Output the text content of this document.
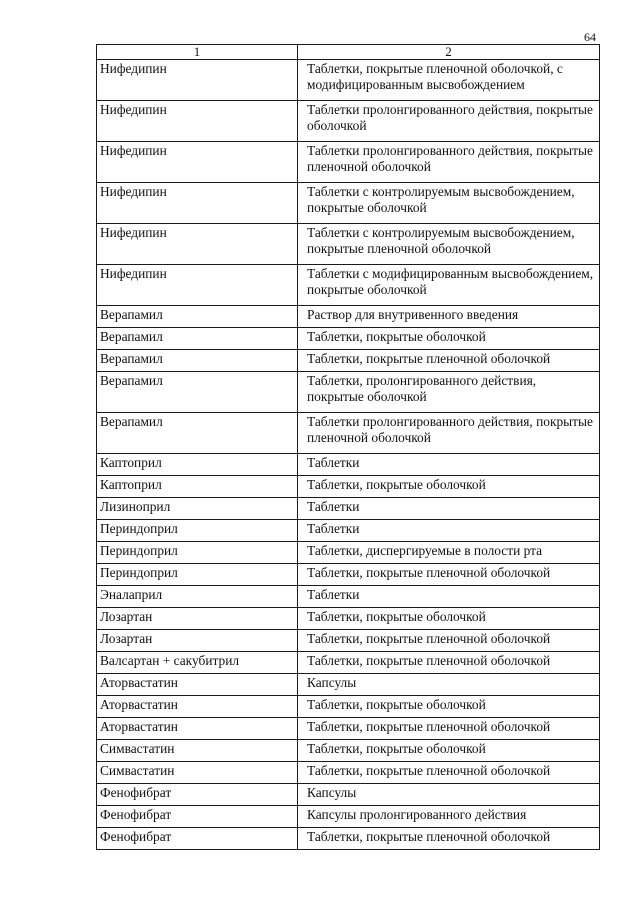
64
1	2
Нифедипин	Таблетки, покрытые пленочной оболочкой, с модифицированным высвобождением
Нифедипин	Таблетки пролонгированного действия, покрытые оболочкой
Нифедипин	Таблетки пролонгированного действия, покрытые пленочной оболочкой
Нифедипин	Таблетки с контролируемым высвобождением, покрытые оболочкой
Нифедипин	Таблетки с контролируемым высвобождением, покрытые пленочной оболочкой
Нифедипин	Таблетки с модифицированным высвобождением, покрытые оболочкой
Верапамил	Раствор для внутривенного введения
Верапамил	Таблетки, покрытые оболочкой
Верапамил	Таблетки, покрытые пленочной оболочкой
Верапамил	Таблетки, пролонгированного действия, покрытые оболочкой
Верапамил	Таблетки пролонгированного действия, покрытые пленочной оболочкой
Каптоприл	Таблетки
Каптоприл	Таблетки, покрытые оболочкой
Лизиноприл	Таблетки
Периндоприл	Таблетки
Периндоприл	Таблетки, диспергируемые в полости рта
Периндоприл	Таблетки, покрытые пленочной оболочкой
Эналаприл	Таблетки
Лозартан	Таблетки, покрытые оболочкой
Лозартан	Таблетки, покрытые пленочной оболочкой
Валсартан + сакубитрил	Таблетки, покрытые пленочной оболочкой
Аторвастатин	Капсулы
Аторвастатин	Таблетки, покрытые оболочкой
Аторвастатин	Таблетки, покрытые пленочной оболочкой
Симвастатин	Таблетки, покрытые оболочкой
Симвастатин	Таблетки, покрытые пленочной оболочкой
Фенофибрат	Капсулы
Фенофибрат	Капсулы пролонгированного действия
Фенофибрат	Таблетки, покрытые пленочной оболочкой
